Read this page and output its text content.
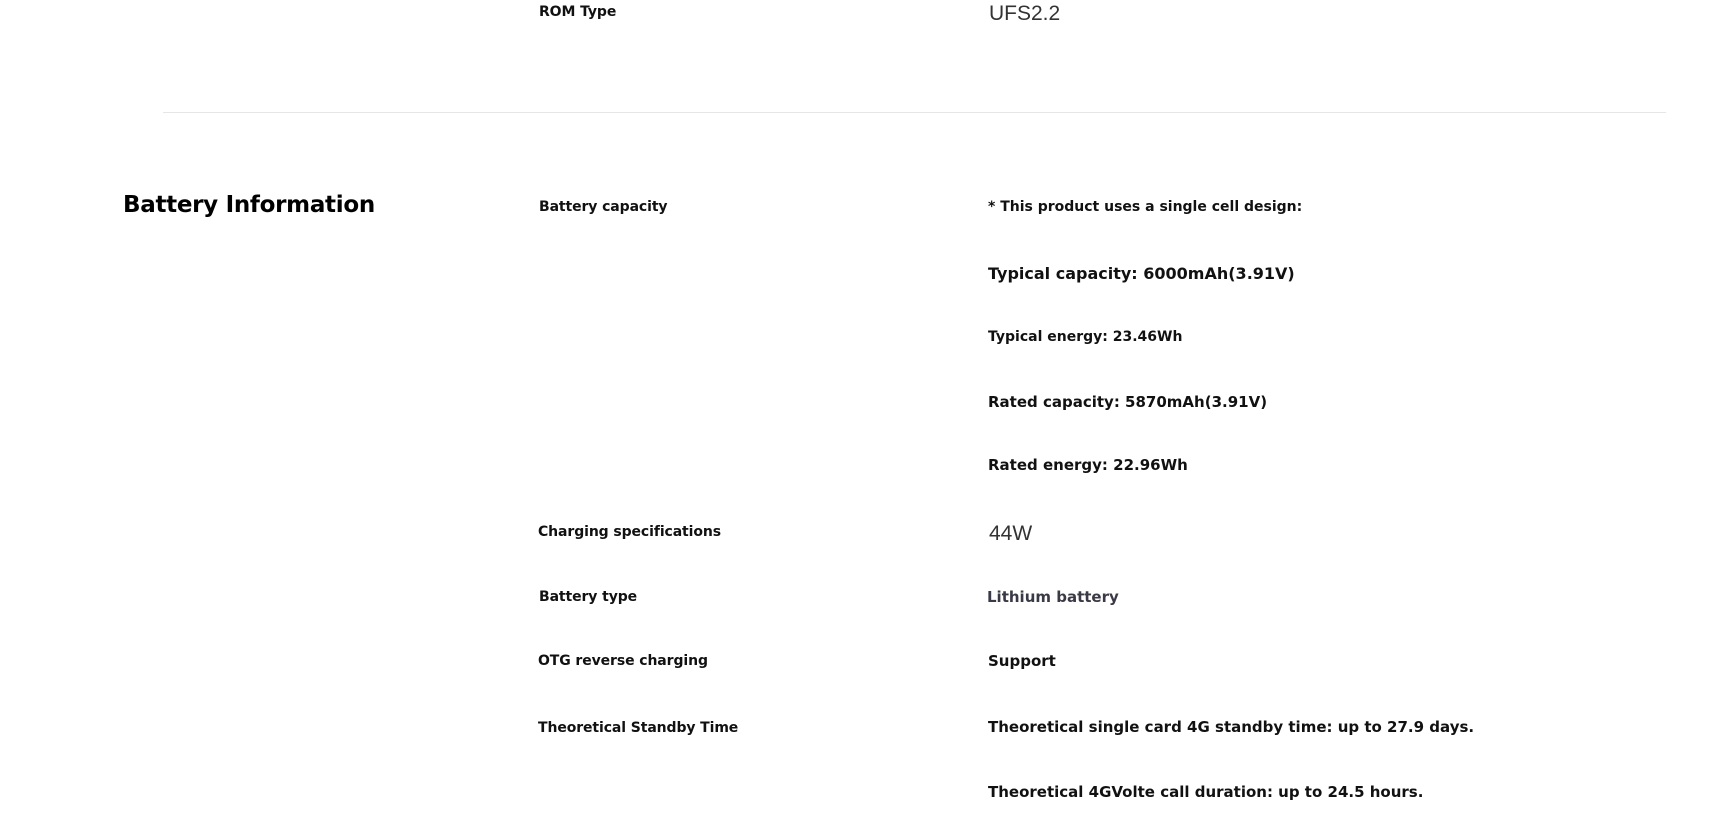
ROM Type	UFS2.2
Battery Information	Battery capacity	* This product uses a single cell design:
Typical capacity: 6000mAh(3.91V)
Typical energy: 23.46Wh
Rated capacity: 5870mAh(3.91V)
Rated energy: 22.96Wh
Charging specifications	44W
Battery type	Lithium battery
OTG reverse charging	Support
Theoretical Standby Time	Theoretical single card 4G standby time: up to 27.9 days.
Theoretical 4GVolte call duration: up to 24.5 hours.
